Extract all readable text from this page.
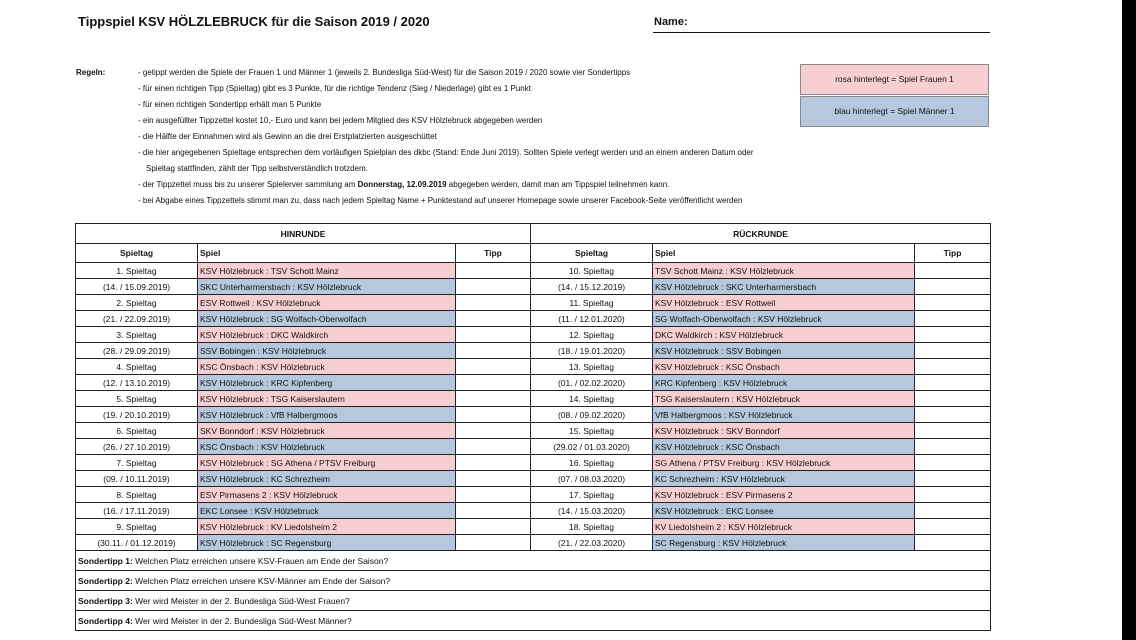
Tippspiel KSV HÖLZLEBRUCK für die Saison 2019 / 2020	Name:
Regeln:	- getippt werden die Spiele der Frauen 1 und Männer 1 (jeweils 2. Bundesliga Süd-West) für die Saison 2019 / 2020 sowie vier Sondertipps
- für einen richtigen Tipp (Spieltag) gibt es 3 Punkte, für die richtige Tendenz (Sieg / Niederlage) gibt es 1 Punkt
- für einen richtigen Sondertipp erhält man 5 Punkte
- ein ausgefüllter Tippzettel kostet 10,- Euro und kann bei jedem Mitglied des KSV Hölzlebruck abgegeben werden
- die Hälfte der Einnahmen wird als Gewinn an die drei Erstplatzierten ausgeschüttet
- die hier angegebenen Spieltage entsprechen dem vorläufigen Spielplan des dkbc (Stand: Ende Juni 2019). Sollten Spiele verlegt werden und an einem anderen Datum oder
Spieltag stattfinden, zählt der Tipp selbstverständlich trotzdem.
- der Tippzettel muss bis zu unserer Spielerver sammlung am Donnerstag, 12.09.2019 abgegeben werden, damit man am Tippspiel teilnehmen kann.
- bei Abgabe eines Tippzettels stimmt man zu, dass nach jedem Spieltag Name + Punktestand auf unserer Homepage sowie unserer Facebook-Seite veröffentlicht werden
rosa hinterlegt = Spiel Frauen 1
blau hinterlegt = Spiel Männer 1
HINRUNDE			RÜCKRUNDE		
Spieltag	Spiel	Tipp	Spieltag	Spiel	Tipp
1. Spieltag	KSV Hölzlebruck : TSV Schott Mainz		10. Spieltag	TSV Schott Mainz : KSV Hölzlebruck	
(14. / 15.09.2019)	SKC Unterharmersbach : KSV Hölzlebruck		(14. / 15.12.2019)	KSV Hölzlebruck : SKC Unterharmersbach	
2. Spieltag	ESV Rottweil : KSV Hölzlebruck		11. Spieltag	KSV Hölzlebruck : ESV Rottweil	
(21. / 22.09.2019)	KSV Hölzlebruck : SG Wolfach-Oberwolfach		(11. / 12.01.2020)	SG Wolfach-Oberwolfach : KSV Hölzlebruck	
3. Spieltag	KSV Hölzlebruck : DKC Waldkirch		12. Spieltag	DKC Waldkirch : KSV Hölzlebruck	
(28. / 29.09.2019)	SSV Bobingen : KSV Hölzlebruck		(18. / 19.01.2020)	KSV Hölzlebruck : SSV Bobingen	
4. Spieltag	KSC Önsbach : KSV Hölzlebruck		13. Spieltag	KSV Hölzlebruck : KSC Önsbach	
(12. / 13.10.2019)	KSV Hölzlebruck : KRC Kipfenberg		(01. / 02.02.2020)	KRC Kipfenberg : KSV Hölzlebruck	
5. Spieltag	KSV Hölzlebruck : TSG Kaiserslautern		14. Spieltag	TSG Kaiserslautern : KSV Hölzlebruck	
(19. / 20.10.2019)	KSV Hölzlebruck : VfB Halbergmoos		(08. / 09.02.2020)	VfB Halbergmoos : KSV Hölzlebruck	
6. Spieltag	SKV Bonndorf : KSV Hölzlebruck		15. Spieltag	KSV Hölzlebruck : SKV Bonndorf	
(26. / 27.10.2019)	KSC Önsbach : KSV Hölzlebruck		(29.02 / 01.03.2020)	KSV Hölzlebruck : KSC Önsbach	
7. Spieltag	KSV Hölzlebruck : SG Athena / PTSV Freiburg		16. Spieltag	SG Athena / PTSV Freiburg : KSV Hölzlebruck	
(09. / 10.11.2019)	KSV Hölzlebruck : KC Schrezheim		(07. / 08.03.2020)	KC Schrezheim : KSV Hölzlebruck	
8. Spieltag	ESV Pirmasens 2 : KSV Hölzlebruck		17. Spieltag	KSV Hölzlebruck : ESV Pirmasens 2	
(16. / 17.11.2019)	EKC Lonsee : KSV Hölzlebruck		(14. / 15.03.2020)	KSV Hölzlebruck : EKC Lonsee	
9. Spieltag	KSV Hölzlebruck : KV Liedolsheim 2		18. Spieltag	KV Liedolsheim 2 : KSV Hölzlebruck	
(30.11. / 01.12.2019)	KSV Hölzlebruck : SC Regensburg		(21. / 22.03.2020)	SC Regensburg : KSV Hölzlebruck	
Sondertipp 1: Welchen Platz erreichen unsere KSV-Frauen am Ende der Saison?					
Sondertipp 2: Welchen Platz erreichen unsere KSV-Männer am Ende der Saison?					
Sondertipp 3: Wer wird Meister in der 2. Bundesliga Süd-West Frauen?					
Sondertipp 4: Wer wird Meister in der 2. Bundesliga Süd-West Männer?					
